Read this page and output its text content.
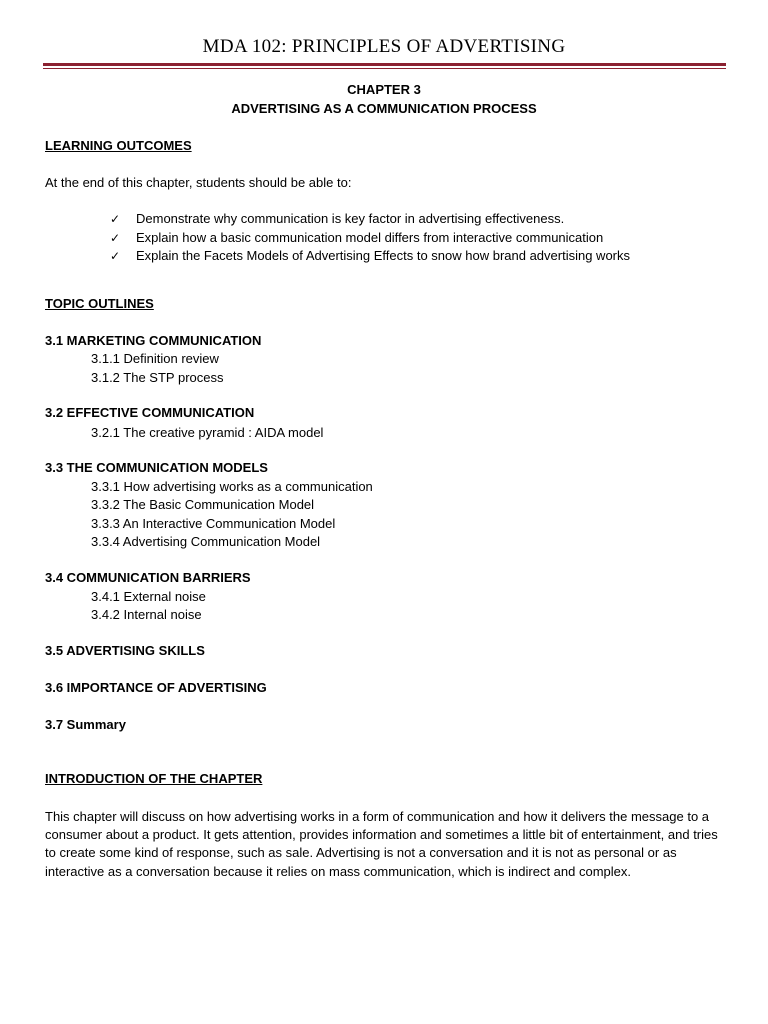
MDA 102: PRINCIPLES OF ADVERTISING
CHAPTER 3
ADVERTISING AS A COMMUNICATION PROCESS
LEARNING OUTCOMES
At the end of this chapter, students should be able to:
✓ Demonstrate why communication is key factor in advertising effectiveness.
✓ Explain how a basic communication model differs from interactive communication
✓ Explain the Facets Models of Advertising Effects to snow how brand advertising works
TOPIC OUTLINES
3.1 MARKETING COMMUNICATION
3.1.1 Definition review
3.1.2 The STP process
3.2 EFFECTIVE COMMUNICATION
3.2.1 The creative pyramid : AIDA model
3.3 THE COMMUNICATION MODELS
3.3.1 How advertising works as a communication
3.3.2 The Basic Communication Model
3.3.3 An Interactive Communication Model
3.3.4 Advertising Communication Model
3.4 COMMUNICATION BARRIERS
3.4.1 External noise
3.4.2 Internal noise
3.5 ADVERTISING SKILLS
3.6 IMPORTANCE OF ADVERTISING
3.7 Summary
INTRODUCTION OF THE CHAPTER
This chapter will discuss on how advertising works in a form of communication and how it delivers the message to a consumer about a product. It gets attention, provides information and sometimes a little bit of entertainment, and tries to create some kind of response, such as sale. Advertising is not a conversation and it is not as personal or as interactive as a conversation because it relies on mass communication, which is indirect and complex.
